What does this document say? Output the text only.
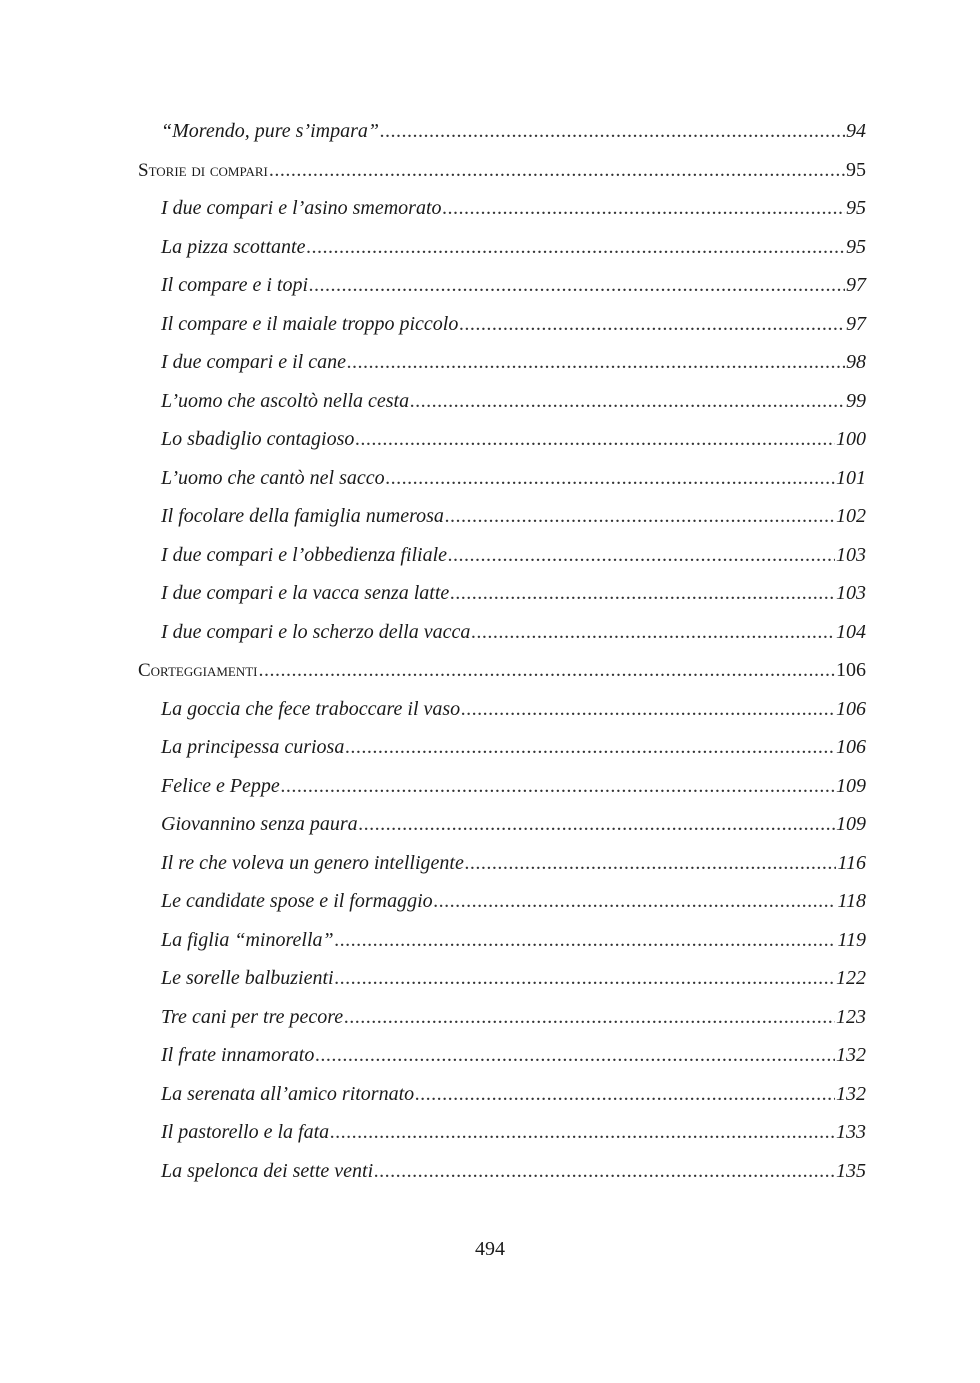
“Morendo, pure s’impara” .....	94
Storie di compari .....	95
I due compari e l’asino smemorato .....	95
La pizza scottante .....	95
Il compare e i topi .....	97
Il compare e il maiale troppo piccolo .....	97
I due compari e il cane .....	98
L’uomo che ascoltò nella cesta .....	99
Lo sbadiglio contagioso .....	100
L’uomo che cantò nel sacco .....	101
Il focolare della famiglia numerosa .....	102
I due compari e l’obbedienza filiale .....	103
I due compari e la vacca senza latte .....	103
I due compari e lo scherzo della vacca .....	104
Corteggiamenti .....	106
La goccia che fece traboccare il vaso .....	106
La principessa curiosa .....	106
Felice e Peppe .....	109
Giovannino senza paura .....	109
Il re che voleva un genero intelligente .....	116
Le candidate spose e il formaggio .....	118
La figlia “minorella” .....	119
Le sorelle balbuzienti .....	122
Tre cani per tre pecore .....	123
Il frate innamorato .....	132
La serenata all’amico ritornato .....	132
Il pastorello e la fata .....	133
La spelonca dei sette venti .....	135
494
